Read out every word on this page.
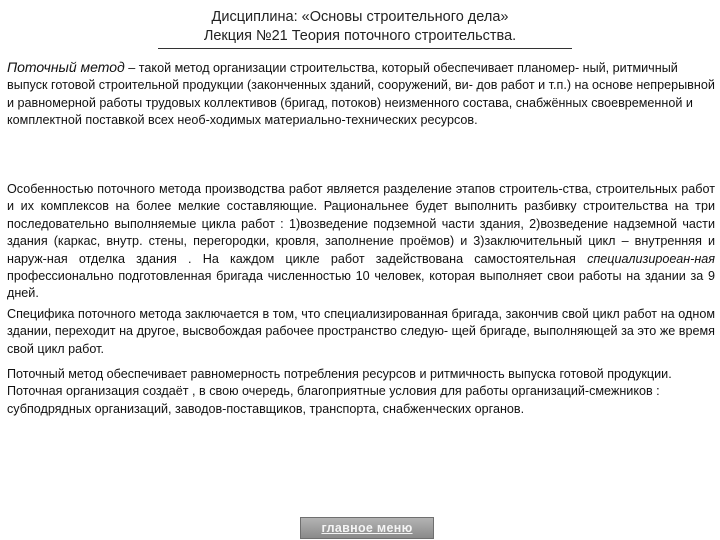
Дисциплина: «Основы строительного дела»
Лекция №21 Теория поточного строительства.

Поточный метод – такой метод организации строительства, который обеспечивает планомер- ный, ритмичный выпуск готовой строительной продукции (законченных зданий, сооружений, ви- дов работ и т.п.) на основе непрерывной и равномерной работы трудовых коллективов (бригад, потоков) неизменного состава, снабжённых своевременной и комплектной поставкой всех необ-ходимых материально-технических ресурсов.

Особенностью поточного метода производства работ является разделение этапов строитель-ства, строительных работ и их комплексов на более мелкие составляющие. Рациональнее будет выполнить разбивку строительства на три последовательно выполняемые цикла работ : 1)возведение подземной части здания, 2)возведение надземной части здания (каркас, внутр. стены, перегородки, кровля, заполнение проёмов) и 3)заключительный цикл – внутренняя и наруж-ная отделка здания . На каждом цикле работ задействована самостоятельная специализироеан-ная профессионально подготовленная бригада численностью 10 человек, которая выполняет свои работы на здании за 9 дней.

Специфика поточного метода заключается в том, что специализированная бригада, закончив свой цикл работ на одном здании, переходит на другое, высвобождая рабочее пространство следую- щей бригаде, выполняющей за это же время свой цикл работ.

Поточный метод обеспечивает равномерность потребления ресурсов и ритмичность выпуска готовой продукции. Поточная организация создаёт , в свою очередь, благоприятные условия для работы организаций-смежников : субподрядных организаций, заводов-поставщиков, транспорта, снабженческих органов.

главное меню
